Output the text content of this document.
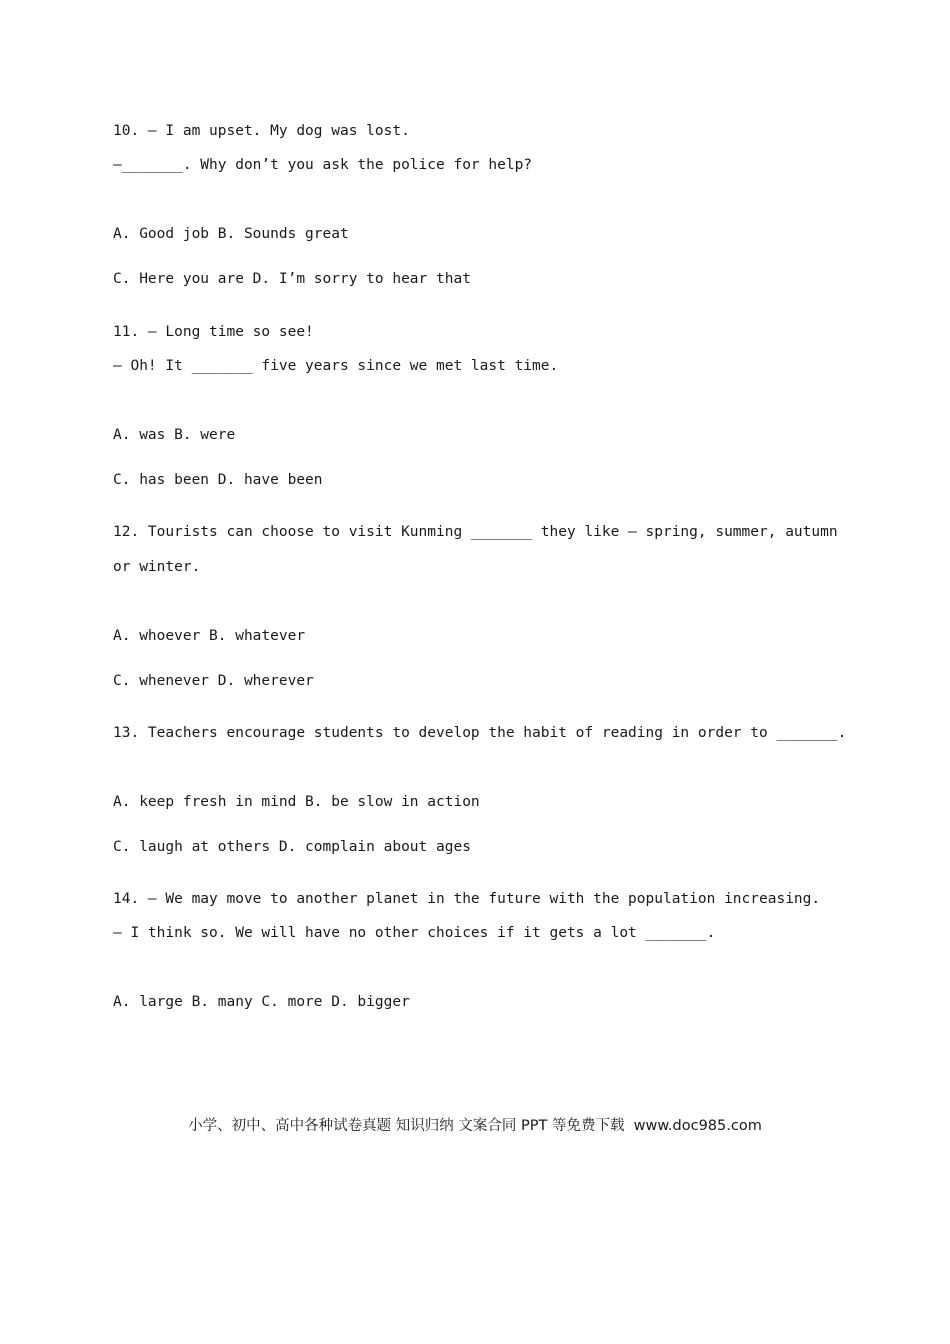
10. — I am upset. My dog was lost.
—_______. Why don’t you ask the police for help?
A. Good job B. Sounds great
C. Here you are D. I’m sorry to hear that
11. — Long time so see!
— Oh! It _______ five years since we met last time.
A. was B. were
C. has been D. have been
12. Tourists can choose to visit Kunming _______ they like – spring, summer, autumn
or winter.
A. whoever B. whatever
C. whenever D. wherever
13. Teachers encourage students to develop the habit of reading in order to _______.
A. keep fresh in mind B. be slow in action
C. laugh at others D. complain about ages
14. — We may move to another planet in the future with the population increasing.
— I think so. We will have no other choices if it gets a lot _______.
A. large B. many C. more D. bigger
小学、初中、高中各种试卷真题 知识归纳 文案合同 PPT 等免费下载  www.doc985.com
